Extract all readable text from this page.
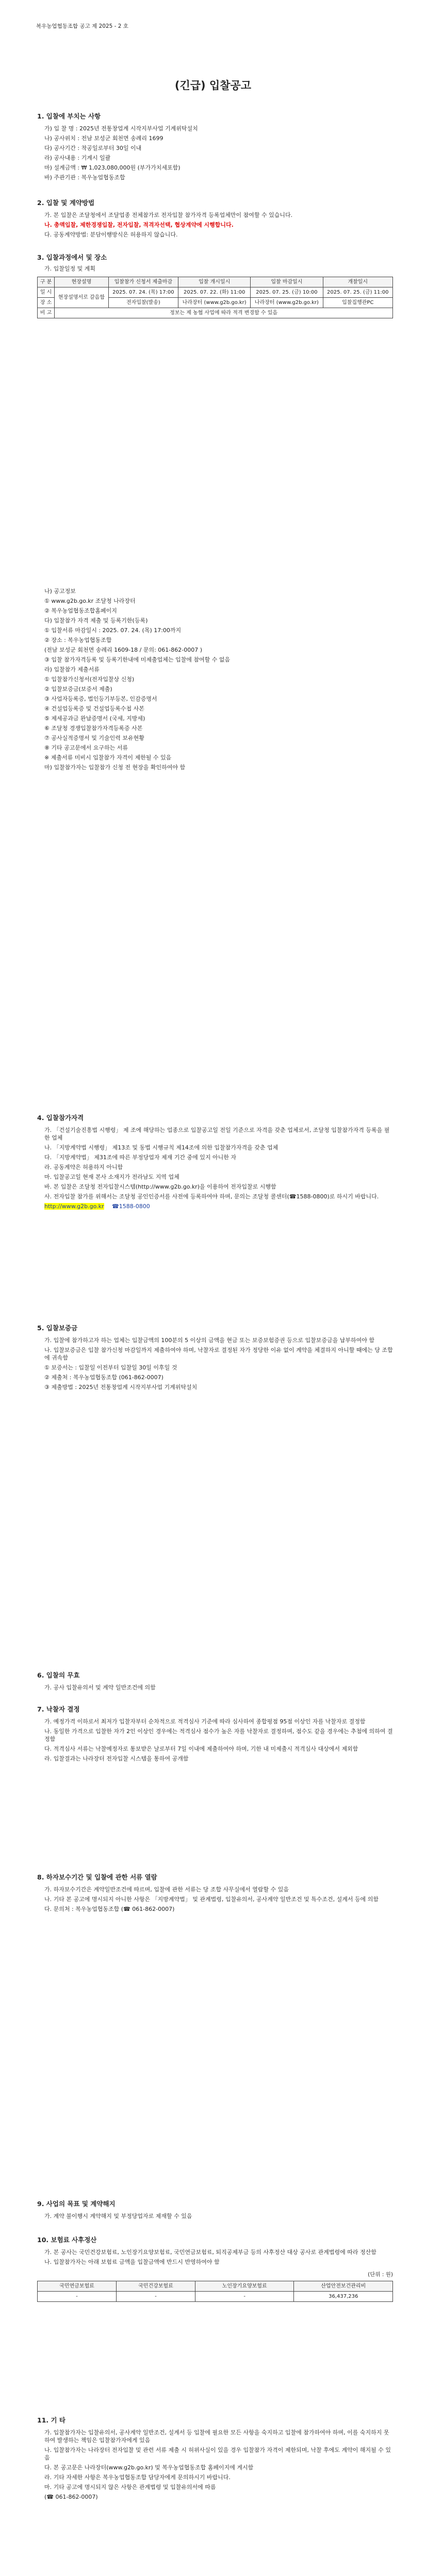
복우농업협동조합 공고 제 2025 - 2 호
(긴급) 입찰공고
1. 입찰에 부치는 사항
가) 입 찰 명 : 2025년 전통창업계 시작지부사업 기계위탁설치
나) 공사위치 : 전남 보성군 회천면 송례리 1699
다) 공사기간 : 착공일로부터 30일 이내
라) 공사내용 : 기계시 일괄
마) 설계금액 : ₩ 1,023,080,000원 (부가가치세포함)
바) 주관기관 : 복우농업협동조합
2. 입찰 및 계약방법
가. 본 입찰은 조달청에서 조달업종 전체참가로 전자입찰 참가자격 등록업체만이 참여할 수 있습니다.
나. 총액입찰, 제한경쟁입찰, 전자입찰, 적격자선택, 협상계약에 시행합니다.
다. 공동계약방법: 분담이행방식은 허용하지 않습니다.
3. 입찰과정에서 및 장소
가. 입찰일정 및 계획
구 분	현장설명	입찰참가 신청서 제출마감	입찰 개시일시	입찰 마감일시	개찰일시
일 시	현장설명서로 갈음함	2025. 07. 24. (목) 17:00	2025. 07. 22. (화) 11:00	2025. 07. 25. (금) 10:00	2025. 07. 25. (금) 11:00
장 소		전자입찰(발송)	나라장터 (www.g2b.go.kr)	나라장터 (www.g2b.go.kr)	입찰집행관PC
비 고	정보는 제 농협 사업에 따라 적격 변경할 수 있음				
나) 공고정보
① www.g2b.go.kr 조달청 나라장터
② 복우농업협동조합홈페이지
다) 입찰참가 자격 제출 및 등록기한(등록)
① 입찰서류 마감일시 : 2025. 07. 24. (목) 17:00까지
② 장소 : 복우농업협동조합
(전남 보성군 회천면 송례리 1609-18 / 문의: 061-862-0007 )
③ 입찰 참가자격등록 및 등록기한내에 미제출업체는 입찰에 참여할 수 없음
라) 입찰참가 제출서류
① 입찰참가신청서(전자입찰상 신청)
② 입찰보증금(보증서 제출)
③ 사업자등록증, 법인등기부등본, 인감증명서
④ 건설업등록증 및 건설업등록수첩 사본
⑤ 제세공과금 완납증명서 (국세, 지방세)
⑥ 조달청 경쟁입찰참가자격등록증 사본
⑦ 공사실적증명서 및 기술인력 보유현황
⑧ 기타 공고문에서 요구하는 서류
※ 제출서류 미비시 입찰참가 자격이 제한될 수 있음
마) 입찰참가자는 입찰참가 신청 전 현장을 확인하여야 함
4. 입찰참가자격
가. 「건설기술진흥법 시행령」 제 조에 해당하는 업종으로 입찰공고일 전일 기준으로 자격을 갖춘 업체로서, 조달청 입찰참가자격 등록을 필한 업체
나. 「지방계약법 시행령」 제13조 및 동법 시행규칙 제14조에 의한 입찰참가자격을 갖춘 업체
다. 「지방계약법」 제31조에 따른 부정당업자 제재 기간 중에 있지 아니한 자
라. 공동계약은 허용하지 아니함
마. 입찰공고일 현재 본사 소재지가 전라남도 지역 업체
바. 본 입찰은 조달청 전자입찰시스템(http://www.g2b.go.kr)을 이용하여 전자입찰로 시행함
사. 전자입찰 참가를 위해서는 조달청 공인인증서를 사전에 등록하여야 하며, 문의는 조달청 콜센터(☎1588-0800)로 하시기 바랍니다.
http://www.g2b.go.kr ☎1588-0800
5. 입찰보증금
가. 입찰에 참가하고자 하는 업체는 입찰금액의 100분의 5 이상의 금액을 현금 또는 보증보험증권 등으로 입찰보증금을 납부하여야 함
나. 입찰보증금은 입찰 참가신청 마감일까지 제출하여야 하며, 낙찰자로 결정된 자가 정당한 이유 없이 계약을 체결하지 아니할 때에는 당 조합에 귀속함
① 보증서는 : 입찰일 이전부터 입찰일 30일 이후일 것
② 제출처 : 복우농업협동조합 (061-862-0007)
③ 제출방법 : 2025년 전통창업계 시작지부사업 기계위탁설치
6. 입찰의 무효
가. 공사 입찰유의서 및 계약 일반조건에 의함
7. 낙찰자 결정
가. 예정가격 이하로서 최저가 입찰자부터 순차적으로 적격심사 기준에 따라 심사하여 종합평점 95점 이상인 자를 낙찰자로 결정함
나. 동일한 가격으로 입찰한 자가 2인 이상인 경우에는 적격심사 점수가 높은 자를 낙찰자로 결정하며, 점수도 같을 경우에는 추첨에 의하여 결정함
다. 적격심사 서류는 낙찰예정자로 통보받은 날로부터 7일 이내에 제출하여야 하며, 기한 내 미제출시 적격심사 대상에서 제외함
라. 입찰결과는 나라장터 전자입찰 시스템을 통하여 공개함
8. 하자보수기간 및 입찰에 관한 서류 열람
가. 하자보수기간은 계약일반조건에 따르며, 입찰에 관한 서류는 당 조합 사무실에서 열람할 수 있음
나. 기타 본 공고에 명시되지 아니한 사항은 「지방계약법」 및 관계법령, 입찰유의서, 공사계약 일반조건 및 특수조건, 설계서 등에 의함
다. 문의처 : 복우농업협동조합 (☎ 061-862-0007)
9. 사업의 목표 및 계약해지
가. 계약 불이행시 계약해지 및 부정당업자로 제재할 수 있음
10. 보험료 사후정산
가. 본 공사는 국민건강보험료, 노인장기요양보험료, 국민연금보험료, 퇴직공제부금 등의 사후정산 대상 공사로 관계법령에 따라 정산함
나. 입찰참가자는 아래 보험료 금액을 입찰금액에 반드시 반영하여야 함
(단위 : 원)
국민연금보험료	국민건강보험료	노인장기요양보험료	산업안전보건관리비
-	-	-	36,437,236
11. 기 타
가. 입찰참가자는 입찰유의서, 공사계약 일반조건, 설계서 등 입찰에 필요한 모든 사항을 숙지하고 입찰에 참가하여야 하며, 이를 숙지하지 못하여 발생하는 책임은 입찰참가자에게 있음
나. 입찰참가자는 나라장터 전자입찰 및 관련 서류 제출 시 허위사실이 있을 경우 입찰참가 자격이 제한되며, 낙찰 후에도 계약이 해지될 수 있음
다. 본 공고문은 나라장터(www.g2b.go.kr) 및 복우농업협동조합 홈페이지에 게시함
라. 기타 자세한 사항은 복우농업협동조합 담당자에게 문의하시기 바랍니다.
마. 기타 공고에 명시되지 않은 사항은 관계법령 및 입찰유의서에 따름
(☎ 061-862-0007)
